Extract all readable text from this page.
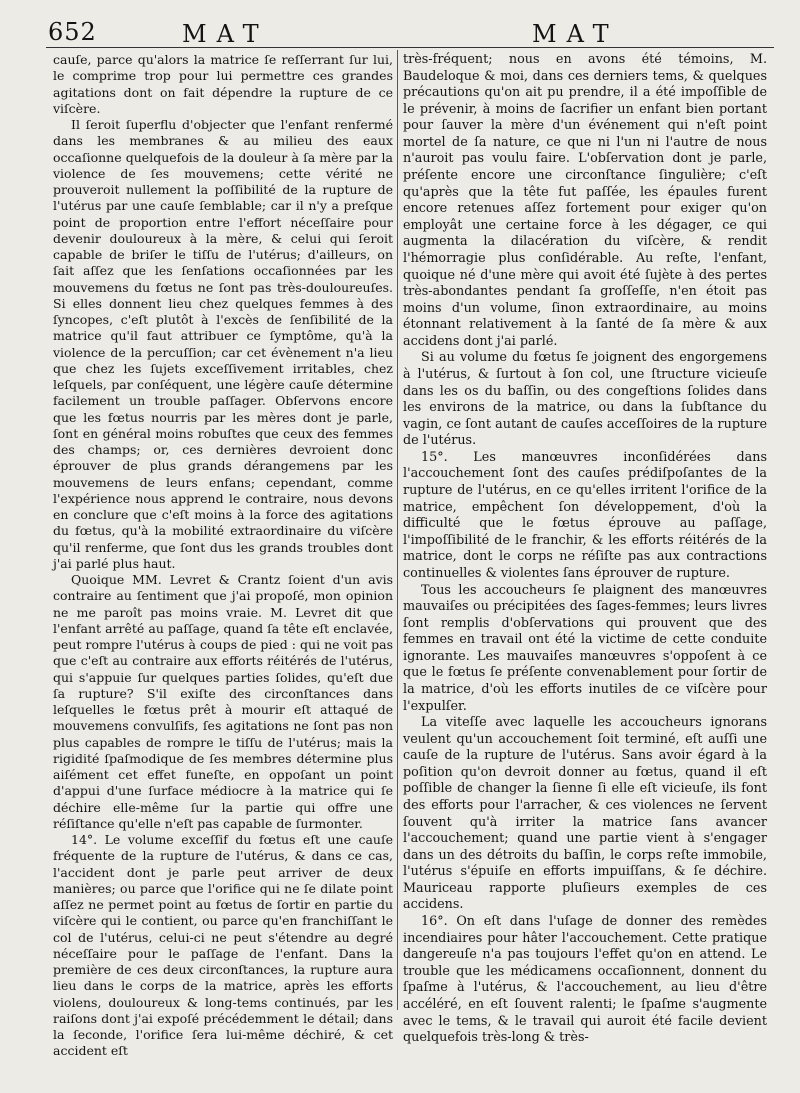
652	MAT	MAT

cauſe, parce qu'alors la matrice ſe reſſerrant ſur lui, le comprime trop pour lui permettre ces grandes agitations dont on fait dépendre la rupture de ce viſcère.

Il ſeroit ſuperflu d'objecter que l'enfant renfermé dans les membranes & au milieu des eaux occaſionne quelquefois de la douleur à ſa mère par la violence de ſes mouvemens; cette vérité ne prouveroit nullement la poſſibilité de la rupture de l'utérus par une cauſe ſemblable; car il n'y a preſque point de proportion entre l'effort néceſſaire pour devenir douloureux à la mère, & celui qui ſeroit capable de briſer le tiſſu de l'utérus; d'ailleurs, on ſait aſſez que les ſenſations occaſionnées par les mouvemens du fœtus ne ſont pas très-douloureuſes. Si elles donnent lieu chez quelques femmes à des ſyncopes, c'eſt plutôt à l'excès de ſenſibilité de la matrice qu'il faut attribuer ce ſymptôme, qu'à la violence de la percuſſion; car cet évènement n'a lieu que chez les ſujets exceſſivement irritables, chez leſquels, par conſéquent, une légère cauſe détermine facilement un trouble paſſager. Obſervons encore que les fœtus nourris par les mères dont je parle, ſont en général moins robuſtes que ceux des femmes des champs; or, ces dernières devroient donc éprouver de plus grands dérangemens par les mouvemens de leurs enfans; cependant, comme l'expérience nous apprend le contraire, nous devons en conclure que c'eſt moins à la force des agitations du fœtus, qu'à la mobilité extraordinaire du viſcère qu'il renferme, que ſont dus les grands troubles dont j'ai parlé plus haut.

Quoique MM. Levret & Crantz ſoient d'un avis contraire au ſentiment que j'ai propoſé, mon opinion ne me paroît pas moins vraie. M. Levret dit que l'enfant arrêté au paſſage, quand ſa tête eſt enclavée, peut rompre l'utérus à coups de pied : qui ne voit pas que c'eſt au contraire aux efforts réitérés de l'utérus, qui s'appuie ſur quelques parties ſolides, qu'eſt due ſa rupture? S'il exiſte des circonſtances dans leſquelles le fœtus prêt à mourir eſt attaqué de mouvemens convulſifs, ſes agitations ne ſont pas non plus capables de rompre le tiſſu de l'utérus; mais la rigidité ſpaſmodique de ſes membres détermine plus aiſément cet effet funeſte, en oppoſant un point d'appui d'une ſurface médiocre à la matrice qui ſe déchire elle-même ſur la partie qui offre une réſiſtance qu'elle n'eſt pas capable de ſurmonter.

14°. Le volume exceſſif du fœtus eſt une cauſe fréquente de la rupture de l'utérus, & dans ce cas, l'accident dont je parle peut arriver de deux manières; ou parce que l'orifice qui ne ſe dilate point aſſez ne permet point au fœtus de ſortir en partie du viſcère qui le contient, ou parce qu'en franchiſſant le col de l'utérus, celui-ci ne peut s'étendre au degré néceſſaire pour le paſſage de l'enfant. Dans la première de ces deux circonſtances, la rupture aura lieu dans le corps de la matrice, après les efforts violens, douloureux & long-tems continués, par les raiſons dont j'ai expoſé précédemment le détail; dans la ſeconde, l'orifice ſera lui-même déchiré, & cet accident eſt

très-fréquent; nous en avons été témoins, M. Baudeloque & moi, dans ces derniers tems, & quelques précautions qu'on ait pu prendre, il a été impoſſible de le prévenir, à moins de ſacrifier un enfant bien portant pour ſauver la mère d'un événement qui n'eſt point mortel de ſa nature, ce que ni l'un ni l'autre de nous n'auroit pas voulu faire. L'obſervation dont je parle, préſente encore une circonſtance ſingulière; c'eſt qu'après que la tête fut paſſée, les épaules furent encore retenues aſſez fortement pour exiger qu'on employât une certaine force à les dégager, ce qui augmenta la dilacération du viſcère, & rendit l'hémorragie plus conſidérable. Au reſte, l'enfant, quoique né d'une mère qui avoit été ſujète à des pertes très-abondantes pendant ſa groſſeſſe, n'en étoit pas moins d'un volume, ſinon extraordinaire, au moins étonnant relativement à la ſanté de ſa mère & aux accidens dont j'ai parlé.

Si au volume du fœtus ſe joignent des engorgemens à l'utérus, & ſurtout à ſon col, une ſtructure vicieuſe dans les os du baſſin, ou des congeſtions ſolides dans les environs de la matrice, ou dans la ſubſtance du vagin, ce ſont autant de cauſes acceſſoires de la rupture de l'utérus.

15°. Les manœuvres inconſidérées dans l'accouchement ſont des cauſes prédiſpoſantes de la rupture de l'utérus, en ce qu'elles irritent l'orifice de la matrice, empêchent ſon développement, d'où la difficulté que le fœtus éprouve au paſſage, l'impoſſibilité de le franchir, & les efforts réitérés de la matrice, dont le corps ne réſiſte pas aux contractions continuelles & violentes ſans éprouver de rupture.

Tous les accoucheurs ſe plaignent des manœuvres mauvaiſes ou précipitées des ſages-femmes; leurs livres ſont remplis d'obſervations qui prouvent que des femmes en travail ont été la victime de cette conduite ignorante. Les mauvaiſes manœuvres s'oppoſent à ce que le fœtus ſe préſente convenablement pour ſortir de la matrice, d'où les efforts inutiles de ce viſcère pour l'expulſer.

La viteſſe avec laquelle les accoucheurs ignorans veulent qu'un accouchement ſoit terminé, eſt auſſi une cauſe de la rupture de l'utérus. Sans avoir égard à la poſition qu'on devroit donner au fœtus, quand il eſt poſſible de changer la ſienne ſi elle eſt vicieuſe, ils font des efforts pour l'arracher, & ces violences ne ſervent ſouvent qu'à irriter la matrice ſans avancer l'accouchement; quand une partie vient à s'engager dans un des détroits du baſſin, le corps reſte immobile, l'utérus s'épuiſe en efforts impuiſſans, & ſe déchire. Mauriceau rapporte pluſieurs exemples de ces accidens.

16°. On eſt dans l'uſage de donner des remèdes incendiaires pour hâter l'accouchement. Cette pratique dangereuſe n'a pas toujours l'effet qu'on en attend. Le trouble que les médicamens occaſionnent, donnent du ſpaſme à l'utérus, & l'accouchement, au lieu d'être accéléré, en eſt ſouvent ralenti; le ſpaſme s'augmente avec le tems, & le travail qui auroit été facile devient quelquefois très-long & très-
